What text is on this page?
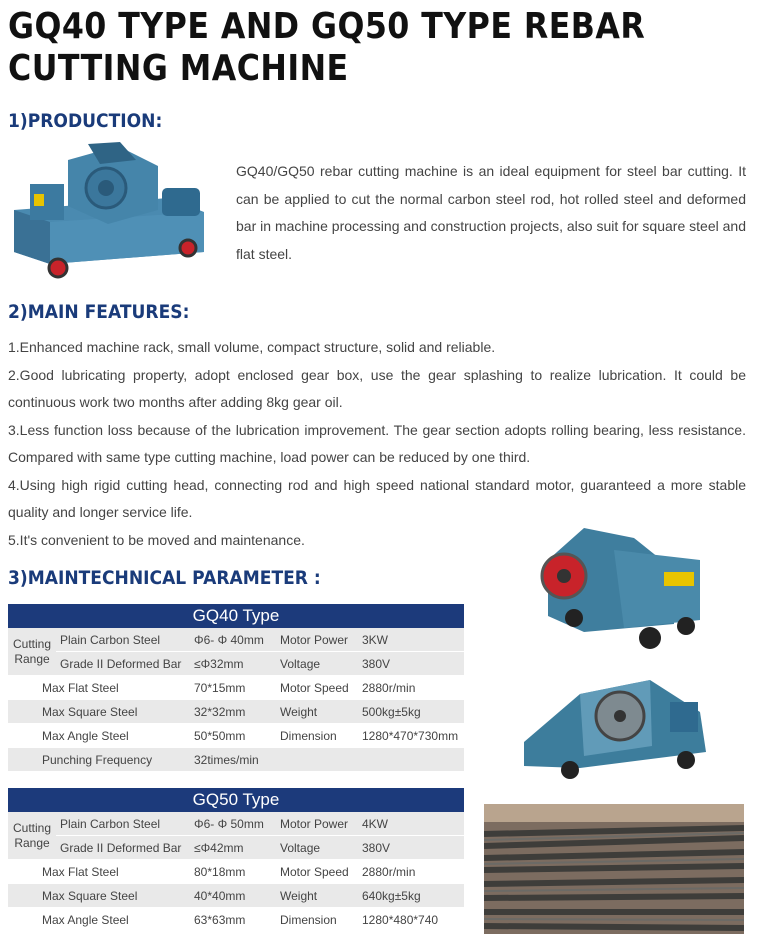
GQ40 TYPE AND GQ50 TYPE REBAR
CUTTING MACHINE
1)PRODUCTION:
GQ40/GQ50 rebar cutting machine is an ideal equipment for steel bar cutting. It can be applied to cut the normal carbon steel rod, hot rolled steel and deformed bar in machine processing and construction projects, also suit for square steel and flat steel.
2)MAIN FEATURES:

1.Enhanced machine rack, small volume, compact structure, solid and reliable.

2.Good lubricating property, adopt enclosed gear box, use the gear splashing to realize lubrication. It could be continuous work two months after adding 8kg gear oil.

3.Less function loss because of the lubrication improvement. The gear section adopts rolling bearing, less resistance. Compared with same type cutting machine, load power can be reduced by one third.

4.Using high rigid cutting head, connecting rod and high speed national standard motor, guaranteed a more stable quality and longer service life.

5.It's convenient to be moved and maintenance.

3)MAINTECHNICAL PARAMETER :
GQ40 Type				
Cutting
Range	Plain Carbon Steel	Φ6- Φ 40mm	Motor Power	3KW
	Grade II Deformed Bar	≤Φ32mm	Voltage	380V
Max Flat Steel		70*15mm	Motor Speed	2880r/min
Max Square Steel		32*32mm	Weight	500kg±5kg
Max Angle Steel		50*50mm	Dimension	1280*470*730mm
Punching Frequency		32times/min		
GQ50 Type				
Cutting
Range	Plain Carbon Steel	Φ6- Φ 50mm	Motor Power	4KW
	Grade II Deformed Bar	≤Φ42mm	Voltage	380V
Max Flat Steel		80*18mm	Motor Speed	2880r/min
Max Square Steel		40*40mm	Weight	640kg±5kg
Max Angle Steel		63*63mm	Dimension	1280*480*740
